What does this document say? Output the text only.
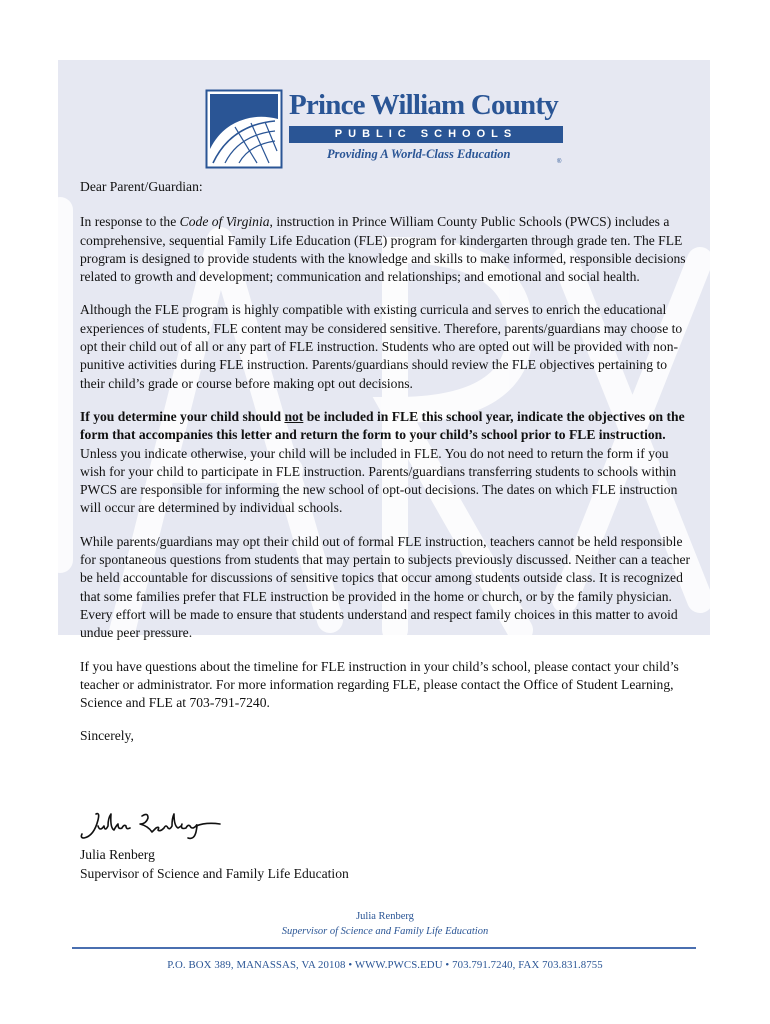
Prince William County
PUBLIC SCHOOLS
Providing A World-Class Education
®

Dear Parent/Guardian:

In response to the Code of Virginia, instruction in Prince William County Public Schools (PWCS) includes a comprehensive, sequential Family Life Education (FLE) program for kindergarten through grade ten. The FLE program is designed to provide students with the knowledge and skills to make informed, responsible decisions related to growth and development; communication and relationships; and emotional and social health.

Although the FLE program is highly compatible with existing curricula and serves to enrich the educational experiences of students, FLE content may be considered sensitive. Therefore, parents/guardians may choose to opt their child out of all or any part of FLE instruction. Students who are opted out will be provided with non-punitive activities during FLE instruction. Parents/guardians should review the FLE objectives pertaining to their child’s grade or course before making opt out decisions.

If you determine your child should not be included in FLE this school year, indicate the objectives on the form that accompanies this letter and return the form to your child’s school prior to FLE instruction. Unless you indicate otherwise, your child will be included in FLE. You do not need to return the form if you wish for your child to participate in FLE instruction. Parents/guardians transferring students to schools within PWCS are responsible for informing the new school of opt-out decisions. The dates on which FLE instruction will occur are determined by individual schools.

While parents/guardians may opt their child out of formal FLE instruction, teachers cannot be held responsible for spontaneous questions from students that may pertain to subjects previously discussed. Neither can a teacher be held accountable for discussions of sensitive topics that occur among students outside class. It is recognized that some families prefer that FLE instruction be provided in the home or church, or by the family physician. Every effort will be made to ensure that students understand and respect family choices in this matter to avoid undue peer pressure.

If you have questions about the timeline for FLE instruction in your child’s school, please contact your child’s teacher or administrator. For more information regarding FLE, please contact the Office of Student Learning, Science and FLE at 703-791-7240.

Sincerely,

Julia Renberg
Supervisor of Science and Family Life Education
Julia Renberg
Supervisor of Science and Family Life Education
P.O. BOX 389, MANASSAS, VA 20108 • WWW.PWCS.EDU • 703.791.7240, FAX 703.831.8755
